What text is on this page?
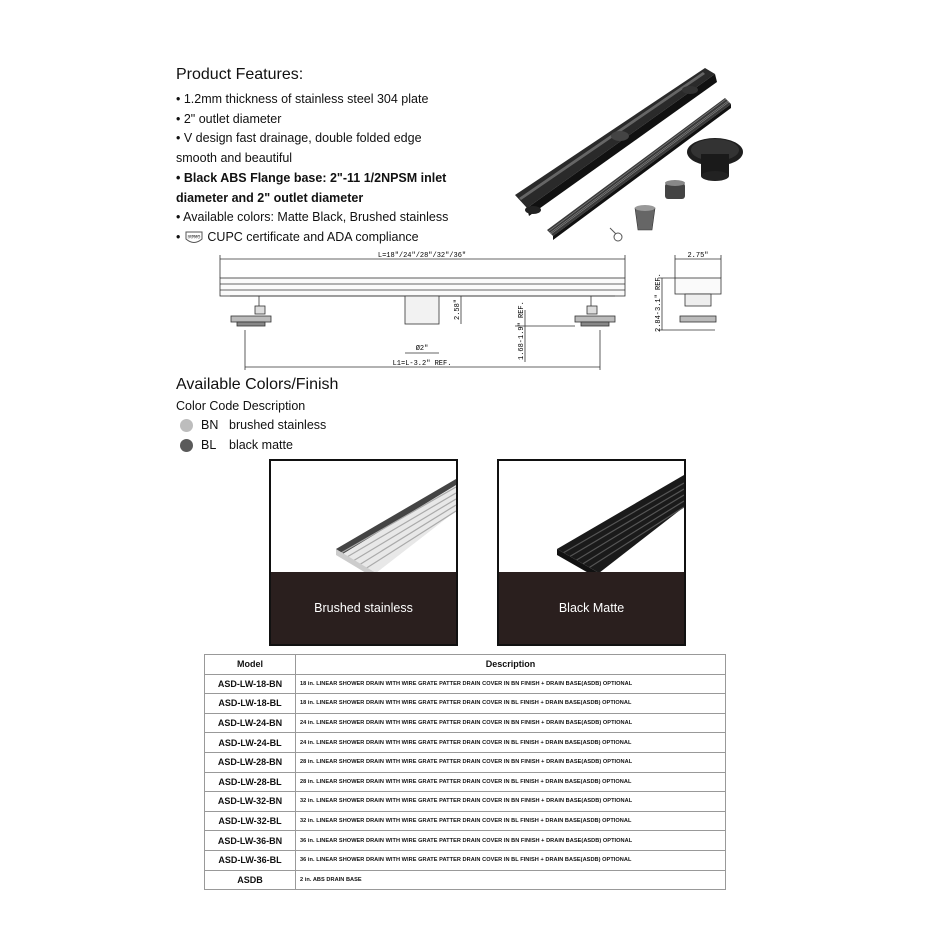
Product Features:
• 1.2mm thickness of stainless steel 304 plate
• 2" outlet diameter
• V design fast drainage, double folded edge
smooth and beautiful
• Black ABS Flange base: 2"-11 1/2NPSM inlet
diameter and 2" outlet diameter
• Available colors: Matte Black, Brushed stainless
• IAPMO CUPC certificate and ADA compliance
L=18"/24"/28"/32"/36"
2.58"	1.68-1.9" REF.
Ø2"
L1=L-3.2" REF.
2.75"
2.84-3.1" REF.
Available Colors/Finish
Color Code Description
BN brushed stainless
BL	black matte
Brushed stainless	Black Matte
Model	Description
ASD-LW-18-BN	18 in. LINEAR SHOWER DRAIN WITH WIRE GRATE PATTER DRAIN COVER IN BN FINISH + DRAIN BASE(ASDB) OPTIONAL
ASD-LW-18-BL	18 in. LINEAR SHOWER DRAIN WITH WIRE GRATE PATTER DRAIN COVER IN BL FINISH + DRAIN BASE(ASDB) OPTIONAL
ASD-LW-24-BN	24 in. LINEAR SHOWER DRAIN WITH WIRE GRATE PATTER DRAIN COVER IN BN FINISH + DRAIN BASE(ASDB) OPTIONAL
ASD-LW-24-BL	24 in. LINEAR SHOWER DRAIN WITH WIRE GRATE PATTER DRAIN COVER IN BL FINISH + DRAIN BASE(ASDB) OPTIONAL
ASD-LW-28-BN	28 in. LINEAR SHOWER DRAIN WITH WIRE GRATE PATTER DRAIN COVER IN BN FINISH + DRAIN BASE(ASDB) OPTIONAL
ASD-LW-28-BL	28 in. LINEAR SHOWER DRAIN WITH WIRE GRATE PATTER DRAIN COVER IN BL FINISH + DRAIN BASE(ASDB) OPTIONAL
ASD-LW-32-BN	32 in. LINEAR SHOWER DRAIN WITH WIRE GRATE PATTER DRAIN COVER IN BN FINISH + DRAIN BASE(ASDB) OPTIONAL
ASD-LW-32-BL	32 in. LINEAR SHOWER DRAIN WITH WIRE GRATE PATTER DRAIN COVER IN BL FINISH + DRAIN BASE(ASDB) OPTIONAL
ASD-LW-36-BN	36 in. LINEAR SHOWER DRAIN WITH WIRE GRATE PATTER DRAIN COVER IN BN FINISH + DRAIN BASE(ASDB) OPTIONAL
ASD-LW-36-BL	36 in. LINEAR SHOWER DRAIN WITH WIRE GRATE PATTER DRAIN COVER IN BL FINISH + DRAIN BASE(ASDB) OPTIONAL
ASDB	2 in. ABS DRAIN BASE
